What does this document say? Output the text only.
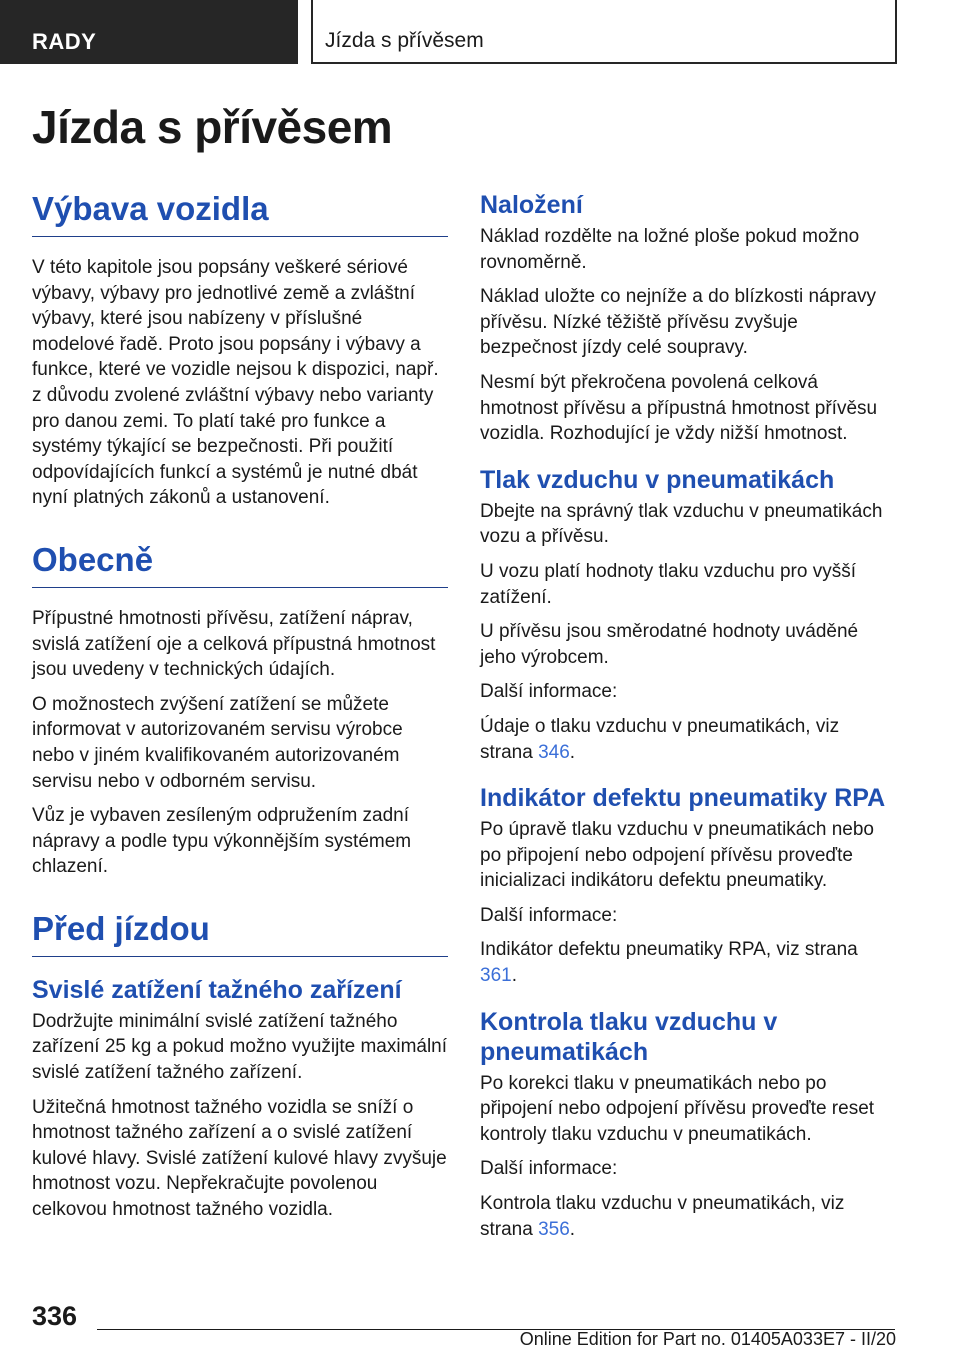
RADY	Jízda s přívěsem
Jízda s přívěsem
Výbava vozidla

V této kapitole jsou popsány veškeré sériové výbavy, výbavy pro jednotlivé země a zvláštní výbavy, které jsou nabízeny v příslušné modelové řadě. Proto jsou popsány i výbavy a funkce, které ve vozidle nejsou k dispozici, např. z důvodu zvolené zvláštní výbavy nebo varianty pro danou zemi. To platí také pro funkce a systémy týkající se bezpečnosti. Při použití odpovídajících funkcí a systémů je nutné dbát nyní platných zákonů a ustanovení.

Obecně

Přípustné hmotnosti přívěsu, zatížení náprav, svislá zatížení oje a celková přípustná hmotnost jsou uvedeny v technických údajích.

O možnostech zvýšení zatížení se můžete informovat v autorizovaném servisu výrobce nebo v jiném kvalifikovaném autorizovaném servisu nebo v odborném servisu.

Vůz je vybaven zesíleným odpružením zadní nápravy a podle typu výkonnějším systémem chlazení.

Před jízdou
Svislé zatížení tažného zařízení

Dodržujte minimální svislé zatížení tažného zařízení 25 kg a pokud možno využijte maximální svislé zatížení tažného zařízení.

Užitečná hmotnost tažného vozidla se sníží o hmotnost tažného zařízení a o svislé zatížení kulové hlavy. Svislé zatížení kulové hlavy zvyšuje hmotnost vozu. Nepřekračujte povolenou celkovou hmotnost tažného vozidla.

Naložení

Náklad rozdělte na ložné ploše pokud možno rovnoměrně.

Náklad uložte co nejníže a do blízkosti nápravy přívěsu. Nízké těžiště přívěsu zvyšuje bezpečnost jízdy celé soupravy.

Nesmí být překročena povolená celková hmotnost přívěsu a přípustná hmotnost přívěsu vozidla. Rozhodující je vždy nižší hmotnost.

Tlak vzduchu v pneumatikách

Dbejte na správný tlak vzduchu v pneumatikách vozu a přívěsu.

U vozu platí hodnoty tlaku vzduchu pro vyšší zatížení.

U přívěsu jsou směrodatné hodnoty uváděné jeho výrobcem.

Další informace:

Údaje o tlaku vzduchu v pneumatikách, viz strana 346.

Indikátor defektu pneumatiky RPA

Po úpravě tlaku vzduchu v pneumatikách nebo po připojení nebo odpojení přívěsu proveďte inicializaci indikátoru defektu pneumatiky.

Další informace:

Indikátor defektu pneumatiky RPA, viz strana 361.

Kontrola tlaku vzduchu v pneumatikách

Po korekci tlaku v pneumatikách nebo po připojení nebo odpojení přívěsu proveďte reset kontroly tlaku vzduchu v pneumatikách.

Další informace:

Kontrola tlaku vzduchu v pneumatikách, viz strana 356.

336
Online Edition for Part no. 01405A033E7 - II/20
